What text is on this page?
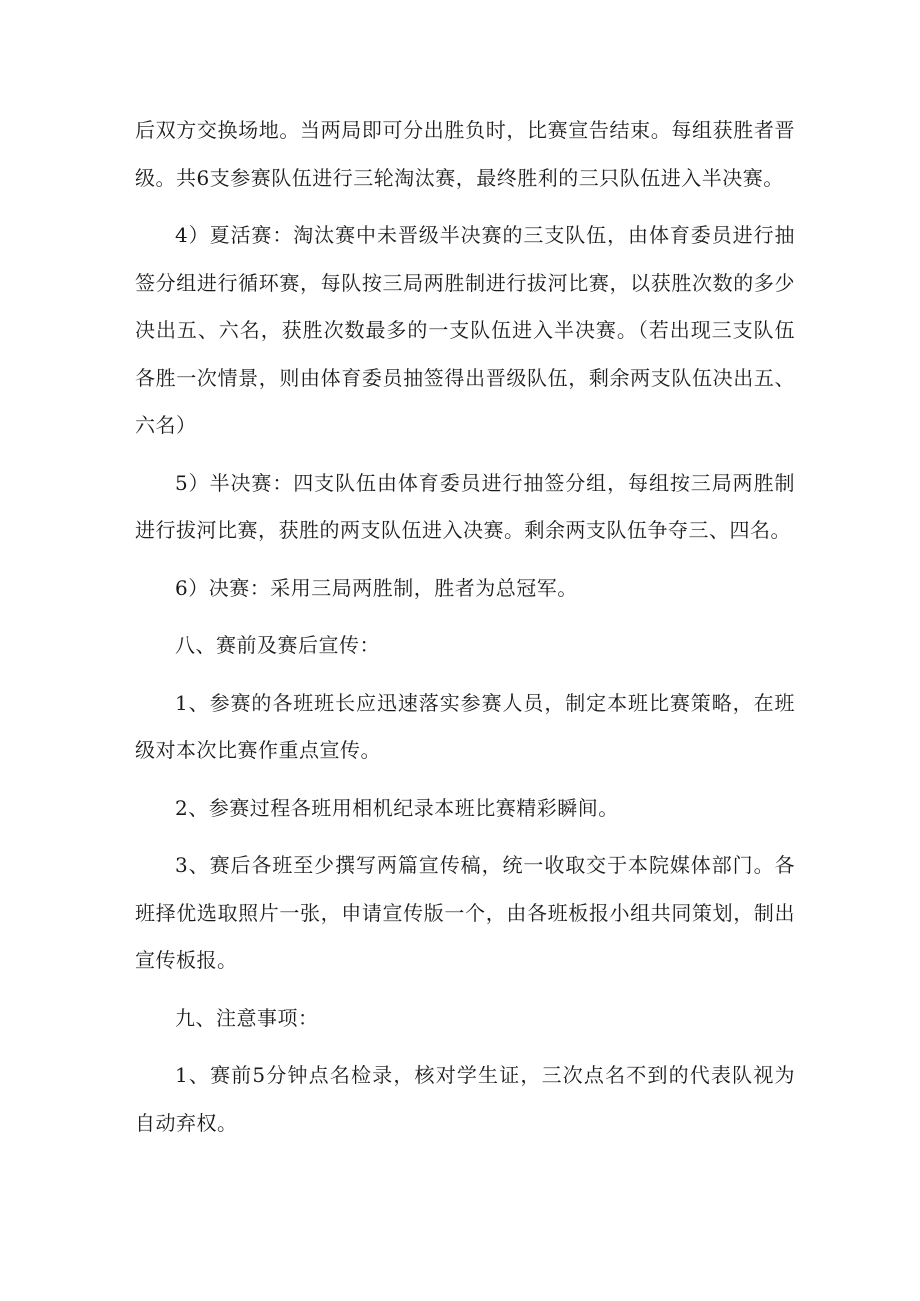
后双方交换场地。当两局即可分出胜负时，比赛宣告结束。每组获胜者晋级。共6支参赛队伍进行三轮淘汰赛，最终胜利的三只队伍进入半决赛。

4）夏活赛：淘汰赛中未晋级半决赛的三支队伍，由体育委员进行抽签分组进行循环赛，每队按三局两胜制进行拔河比赛，以获胜次数的多少决出五、六名，获胜次数最多的一支队伍进入半决赛。（若出现三支队伍各胜一次情景，则由体育委员抽签得出晋级队伍，剩余两支队伍决出五、六名）

5）半决赛：四支队伍由体育委员进行抽签分组，每组按三局两胜制进行拔河比赛，获胜的两支队伍进入决赛。剩余两支队伍争夺三、四名。

6）决赛：采用三局两胜制，胜者为总冠军。

八、赛前及赛后宣传：

1、参赛的各班班长应迅速落实参赛人员，制定本班比赛策略，在班级对本次比赛作重点宣传。

2、参赛过程各班用相机纪录本班比赛精彩瞬间。

3、赛后各班至少撰写两篇宣传稿，统一收取交于本院媒体部门。各班择优选取照片一张，申请宣传版一个，由各班板报小组共同策划，制出宣传板报。

九、注意事项：

1、赛前5分钟点名检录，核对学生证，三次点名不到的代表队视为自动弃权。
